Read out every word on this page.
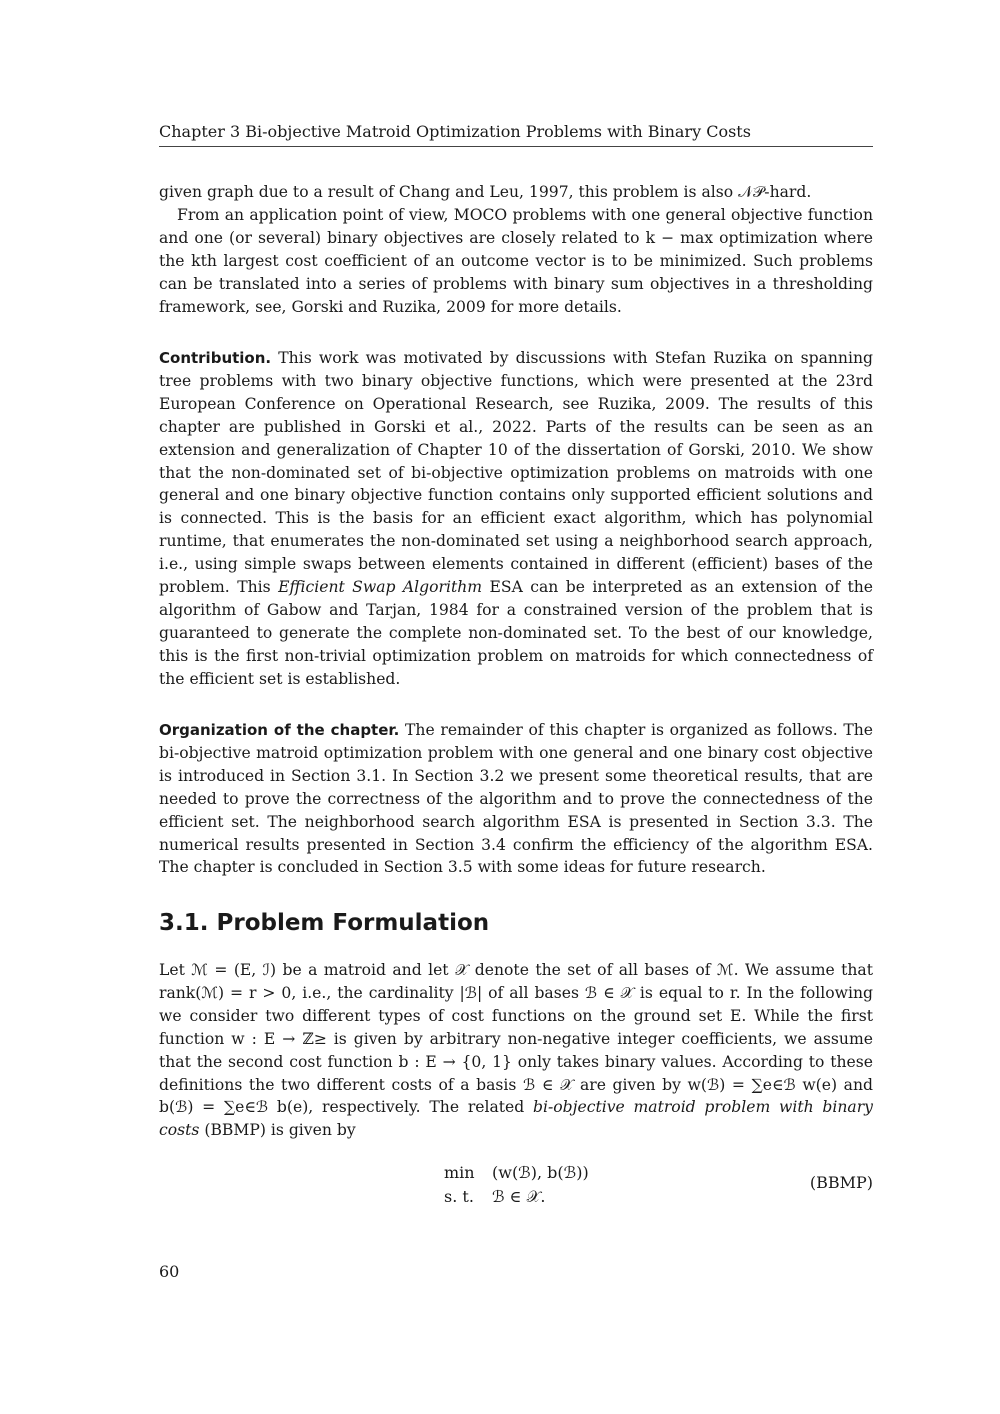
Chapter 3 Bi-objective Matroid Optimization Problems with Binary Costs

given graph due to a result of Chang and Leu, 1997, this problem is also 𝒩𝒫-hard.

From an application point of view, MOCO problems with one general objective function and one (or several) binary objectives are closely related to k − max optimization where the kth largest cost coefficient of an outcome vector is to be minimized. Such problems can be translated into a series of problems with binary sum objectives in a thresholding framework, see, Gorski and Ruzika, 2009 for more details.

Contribution. This work was motivated by discussions with Stefan Ruzika on spanning tree problems with two binary objective functions, which were presented at the 23rd European Conference on Operational Research, see Ruzika, 2009. The results of this chapter are published in Gorski et al., 2022. Parts of the results can be seen as an extension and generalization of Chapter 10 of the dissertation of Gorski, 2010. We show that the non-dominated set of bi-objective optimization problems on matroids with one general and one binary objective function contains only supported efficient solutions and is connected. This is the basis for an efficient exact algorithm, which has polynomial runtime, that enumerates the non-dominated set using a neighborhood search approach, i.e., using simple swaps between elements contained in different (efficient) bases of the problem. This Efficient Swap Algorithm ESA can be interpreted as an extension of the algorithm of Gabow and Tarjan, 1984 for a constrained version of the problem that is guaranteed to generate the complete non-dominated set. To the best of our knowledge, this is the first non-trivial optimization problem on matroids for which connectedness of the efficient set is established.

Organization of the chapter. The remainder of this chapter is organized as follows. The bi-objective matroid optimization problem with one general and one binary cost objective is introduced in Section 3.1. In Section 3.2 we present some theoretical results, that are needed to prove the correctness of the algorithm and to prove the connectedness of the efficient set. The neighborhood search algorithm ESA is presented in Section 3.3. The numerical results presented in Section 3.4 confirm the efficiency of the algorithm ESA. The chapter is concluded in Section 3.5 with some ideas for future research.

3.1. Problem Formulation

Let ℳ = (E, ℐ) be a matroid and let 𝒳 denote the set of all bases of ℳ. We assume that rank(ℳ) = r > 0, i.e., the cardinality |ℬ| of all bases ℬ ∈ 𝒳 is equal to r. In the following we consider two different types of cost functions on the ground set E. While the first function w : E → ℤ≥ is given by arbitrary non-negative integer coefficients, we assume that the second cost function b : E → {0, 1} only takes binary values. According to these definitions the two different costs of a basis ℬ ∈ 𝒳 are given by w(ℬ) = ∑e∈ℬ w(e) and b(ℬ) = ∑e∈ℬ b(e), respectively. The related bi-objective matroid problem with binary costs (BBMP) is given by

min (w(ℬ), b(ℬ))
s. t. ℬ ∈ 𝒳.
(BBMP)
60
